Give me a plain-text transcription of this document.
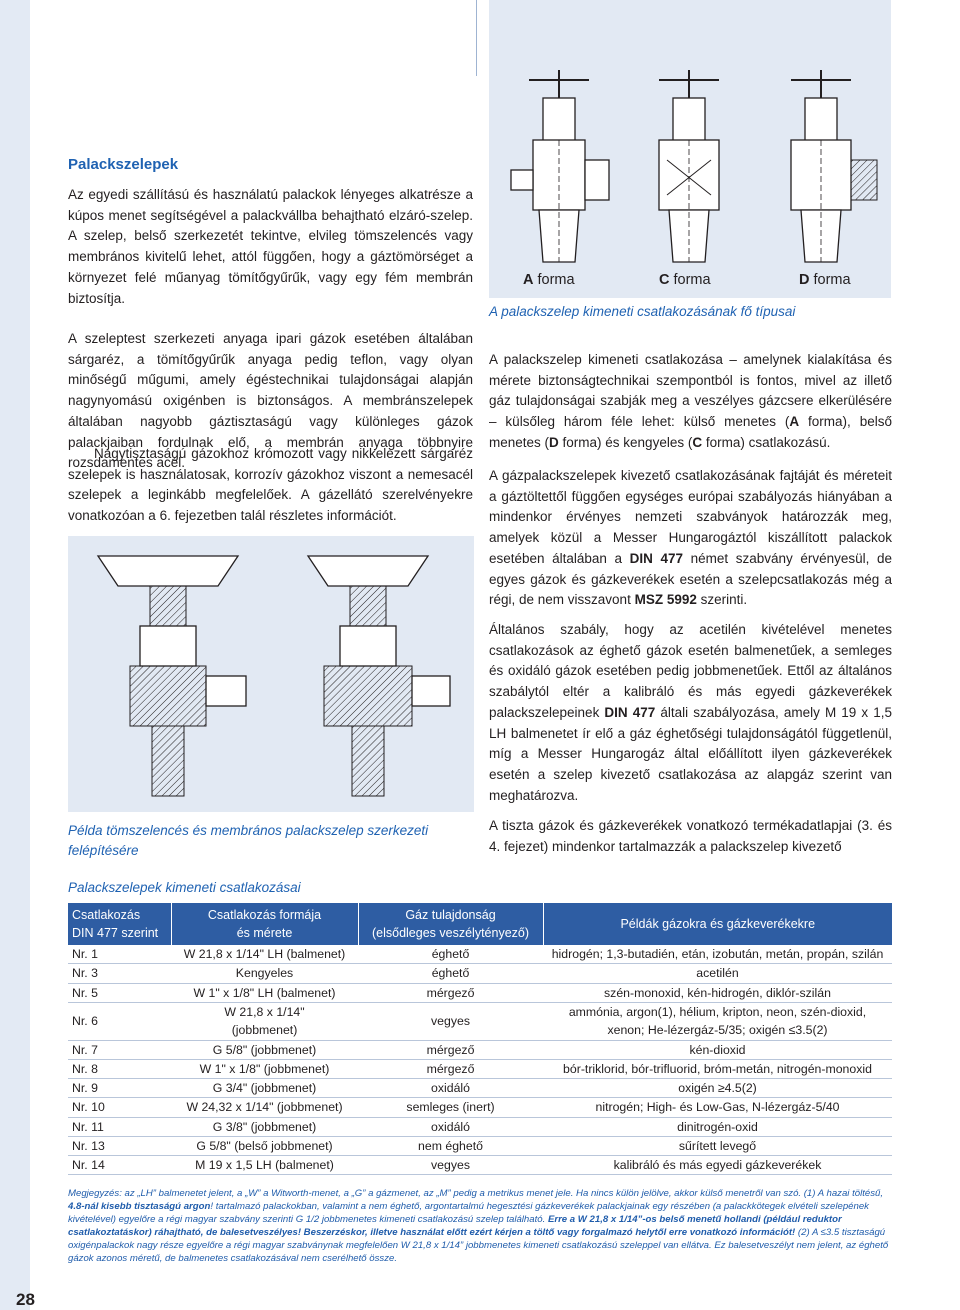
28
Palackszelepek

Az egyedi szállítású és használatú palackok lényeges alkatrésze a kúpos menet segítségével a palackvállba behajtható elzáró-szelep. A szelep, belső szerkezetét tekintve, elvileg tömszelencés vagy membrános kivitelű lehet, attól függően, hogy a gáztömörséget a környezet felé műanyag tömítőgyűrűk, vagy egy fém membrán biztosítja.

A szeleptest szerkezeti anyaga ipari gázok esetében általában sárgaréz, a tömítőgyűrűk anyaga pedig teflon, vagy olyan minőségű műgumi, amely égéstechnikai tulajdonságai alapján nagynyomású oxigénben is biztonságos. A membránszelepek általában nagyobb gáztisztaságú vagy különleges gázok palackjaiban fordulnak elő, a membrán anyaga többnyire rozsdamentes acél.

Nagytisztaságú gázokhoz krómozott vagy nikkelezett sárgaréz szelepek is használatosak, korrozív gázokhoz viszont a nemesacél szelepek a leginkább megfelelőek. A gázellátó szerelvényekre vonatkozóan a 6. fejezetben talál részletes információt.

A forma	C forma	D forma
A palackszelep kimeneti csatlakozásának fő típusai

A palackszelep kimeneti csatlakozása – amelynek kialakítása és mérete biztonságtechnikai szempontból is fontos, mivel az illető gáz tulajdonságai szabják meg a veszélyes gázcsere elkerülésére – külsőleg három féle lehet: külső menetes (A forma), belső menetes (D forma) és kengyeles (C forma) csatlakozású.

A gázpalackszelepek kivezető csatlakozásának fajtáját és méreteit a gáztöltettől függően egységes európai szabályozás hiányában a mindenkor érvényes nemzeti szabványok határozzák meg, amelyek közül a Messer Hungarogáztól kiszállított palackok esetében általában a DIN 477 német szabvány érvényesül, de egyes gázok és gázkeverékek esetén a szelepcsatlakozás még a régi, de nem visszavont MSZ 5992 szerinti.

Általános szabály, hogy az acetilén kivételével menetes csatlakozások az éghető gázok esetén balmenetűek, a semleges és oxidáló gázok esetében pedig jobbmenetűek. Ettől az általános szabálytól eltér a kalibráló és más egyedi gázkeverékek palackszelepeinek DIN 477 általi szabályozása, amely M 19 x 1,5 LH balmenetet ír elő a gáz éghetőségi tulajdonságától függetlenül, míg a Messer Hungarogáz által előállított ilyen gázkeverékek esetén a szelep kivezető csatlakozása az alapgáz szerint van meghatározva.

A tiszta gázok és gázkeverékek vonatkozó termékadatlapjai (3. és 4. fejezet) mindenkor tartalmazzák a palackszelep kivezető

Példa tömszelencés és membrános palackszelep szerkezeti felépítésére
Palackszelepek kimeneti csatlakozásai
Csatlakozás
DIN 477 szerint	Csatlakozás formája
és mérete	Gáz tulajdonság
(elsődleges veszélytényező)	Példák gázokra és gázkeverékekre
Nr. 1	W 21,8 x 1/14" LH (balmenet)	éghető	hidrogén; 1,3-butadién, etán, izobután, metán, propán, szilán
Nr. 3	Kengyeles	éghető	acetilén
Nr. 5	W 1" x 1/8" LH (balmenet)	mérgező	szén-monoxid, kén-hidrogén, diklór-szilán
Nr. 6	W 21,8 x 1/14"
(jobbmenet)	vegyes	ammónia, argon(1), hélium, kripton, neon, szén-dioxid,
xenon; He-lézergáz-5/35; oxigén ≤3.5(2)
Nr. 7	G 5/8" (jobbmenet)	mérgező	kén-dioxid
Nr. 8	W 1" x 1/8" (jobbmenet)	mérgező	bór-triklorid, bór-trifluorid, bróm-metán, nitrogén-monoxid
Nr. 9	G 3/4" (jobbmenet)	oxidáló	oxigén ≥4.5(2)
Nr. 10	W 24,32 x 1/14" (jobbmenet)	semleges (inert)	nitrogén; High- és Low-Gas, N-lézergáz-5/40
Nr. 11	G 3/8" (jobbmenet)	oxidáló	dinitrogén-oxid
Nr. 13	G 5/8" (belső jobbmenet)	nem éghető	sűrített levegő
Nr. 14	M 19 x 1,5 LH (balmenet)	vegyes	kalibráló és más egyedi gázkeverékek

Megjegyzés: az „LH” balmenetet jelent, a „W” a Witworth-menet, a „G” a gázmenet, az „M” pedig a metrikus menet jele. Ha nincs külön jelölve, akkor külső menetről van szó. (1) A hazai töltésű, 4.8-nál kisebb tisztaságú argon! tartalmazó palackokban, valamint a nem éghető, argontartalmú hegesztési gázkeverékek palackjainak egy részében (a palackkötegek elvételi szelepének kivételével) egyelőre a régi magyar szabvány szerinti G 1/2 jobbmenetes kimeneti csatlakozású szelep található. Erre a W 21,8 x 1/14”-os belső menetű hollandi (például reduktor csatlakoztatáskor) ráhajtható, de balesetveszélyes! Beszerzéskor, illetve használat előtt ezért kérjen a töltő vagy forgalmazó helytől erre vonatkozó információt! (2) A ≤3.5 tisztaságú oxigénpalackok nagy része egyelőre a régi magyar szabványnak megfelelően W 21,8 x 1/14” jobbmenetes kimeneti csatlakozású szeleppel van ellátva. Ez balesetveszélyt nem jelent, az éghető gázok azonos méretű, de balmenetes csatlakozásával nem cserélhető össze.
